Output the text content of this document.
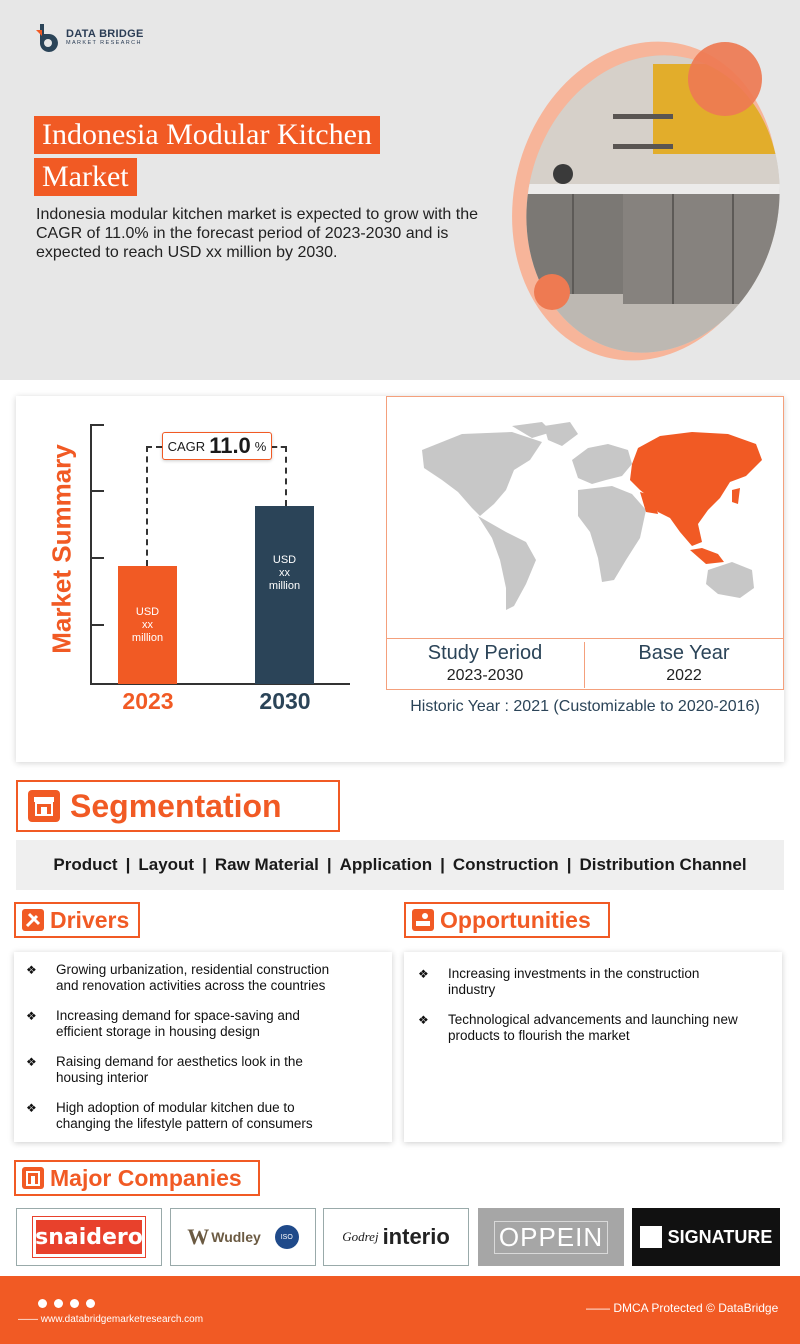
DATA BRIDGE
MARKET RESEARCH
Indonesia Modular Kitchen
Market
Indonesia modular kitchen market is expected to grow with the CAGR of 11.0% in the forecast period of 2023-2030 and is expected to reach USD xx million by 2030.
Market Summary	USD
xx
million
USD
xx
million
CAGR 11.0 %
2023	2030
Study Period
2023-2030
Base Year
2022
Historic Year : 2021 (Customizable to 2020-2016)
Segmentation
Product | Layout | Raw Material | Application | Construction | Distribution Channel
Drivers
❖ Growing urbanization, residential construction
and renovation activities across the countries
❖ Increasing demand for space-saving and
efficient storage in housing design
❖ Raising demand for aesthetics look in the
housing interior
❖ High adoption of modular kitchen due to
changing the lifestyle pattern of consumers
Opportunities
❖ Increasing investments in the construction
industry
❖ Technological advancements and launching new
products to flourish the market
Major Companies
snaidero W Wudley	ISO	Godrej interio OPPEIN	SIGNATURE
—— www.databridgemarketresearch.com
—— DMCA Protected © DataBridge
